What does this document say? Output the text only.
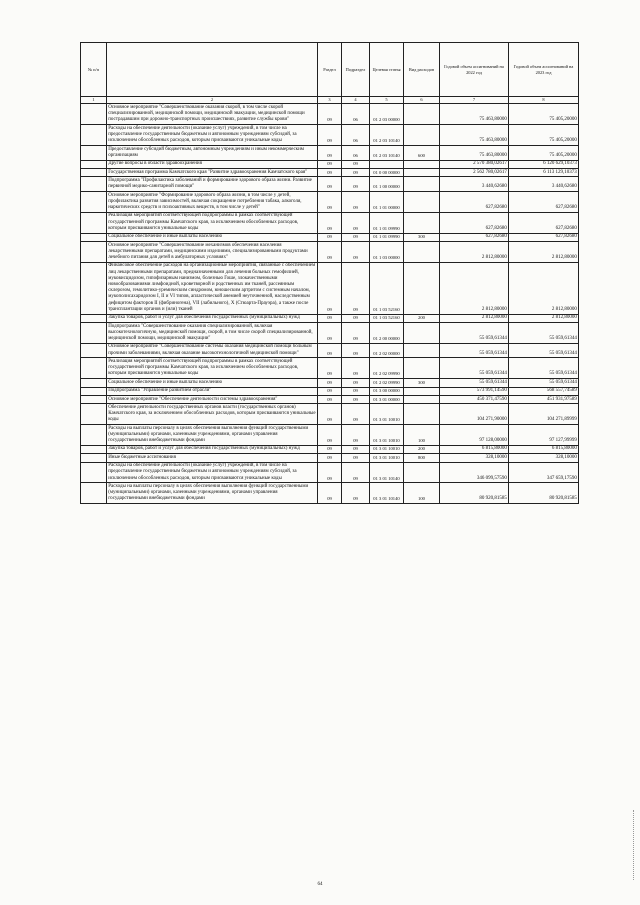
№ п/п		Раздел	Подраздел	Целевая статья	Вид расходов	Годовой объем ассигнований на 2022 год	Годовой объем ассигнований на 2023 год
1	2	3	4	5	6	7	8
	Основное мероприятие "Совершенствование оказания скорой, в том числе скорой специализированной, медицинской помощи, медицинской эвакуации, медицинской помощи пострадавшим при дорожно-транспортных происшествиях, развитие службы крови"	09	06	01 2 03 00000		75 463,80000	75 405,20000
	Расходы на обеспечение деятельности (оказание услуг) учреждений, в том числе на предоставление государственным бюджетным и автономным учреждениям субсидий, за исключением обособленных расходов, которым присваиваются уникальные коды	09	06	01 2 03 10140		75 463,80000	75 405,20000
	Предоставление субсидий бюджетным, автономным учреждениям и иным некоммерческим организациям	09	06	01 2 03 10140	600	75 463,80000	75 405,20000
	Другие вопросы в области здравоохранения	09	09			2 570 380,02617	6 120 629,10373
	Государственная программа Камчатского края "Развитие здравоохранения Камчатского края"	09	09	01 0 00 00000		2 562 780,02617	6 113 129,10373
	Подпрограмма "Профилактика заболеваний и формирование здорового образа жизни. Развитие первичной медико-санитарной помощи"	09	09	01 1 00 00000		3 440,62680	3 440,62680
	Основное мероприятие "Формирование здорового образа жизни, в том числе у детей, профилактика развития зависимостей, включая сокращение потребления табака, алкоголя, наркотических средств и психоактивных веществ, в том числе у детей"	09	09	01 1 01 00000		627,82680	627,82680
	Реализация мероприятий соответствующей подпрограммы в рамках соответствующей государственной программы Камчатского края, за исключением обособленных расходов, которым присваиваются уникальные коды	09	09	01 1 01 09990		627,82680	627,82680
	Социальное обеспечение и иные выплаты населению	09	09	01 1 01 09990	300	627,82680	627,82680
	Основное мероприятие "Совершенствование механизмов обеспечения населения лекарственными препаратами, медицинскими изделиями, специализированными продуктами лечебного питания для детей в амбулаторных условиях"	09	09	01 1 03 00000		2 812,80000	2 812,80000
	Финансовое обеспечение расходов на организационные мероприятия, связанные с обеспечением лиц лекарственными препаратами, предназначенными для лечения больных гемофилией, муковисцидозом, гипофизарным нанизмом, болезнью Гоше, злокачественными новообразованиями лимфоидной, кроветворной и родственных им тканей, рассеянным склерозом, гемолитико-уремическим синдромом, юношеским артритом с системным началом, мукополисахаридозом I, II и VI типов, апластической анемией неуточненной, наследственным дефицитом факторов II (фибриногена), VII (лабильного), X (Стюарта-Прауэра), а также после трансплантации органов и (или) тканей	09	09	01 1 03 52160		2 812,80000	2 812,80000
	Закупка товаров, работ и услуг для обеспечения государственных (муниципальных) нужд	09	09	01 1 03 52160	200	2 812,80000	2 812,80000
	Подпрограмма "Совершенствование оказания специализированной, включая высокотехнологичную, медицинской помощи, скорой, в том числе скорой специализированной, медицинской помощи, медицинской эвакуации"	09	09	01 2 00 00000		55 059,61344	55 059,61344
	Основное мероприятие "Совершенствование системы оказания медицинской помощи больным прочими заболеваниями, включая оказание высокотехнологичной медицинской помощи"	09	09	01 2 02 00000		55 059,61344	55 059,61344
	Реализация мероприятий соответствующей подпрограммы в рамках соответствующей государственной программы Камчатского края, за исключением обособленных расходов, которым присваиваются уникальные коды	09	09	01 2 02 09990		55 059,61344	55 059,61344
	Социальное обеспечение и иные выплаты населению	09	09	01 2 02 09990	300	55 059,61344	55 059,61344
	Подпрограмма "Управление развитием отрасли"	09	09	01 3 00 00000		573 991,14590	568 557,74589
	Основное мероприятие "Обеспечение деятельности системы здравоохранения"	09	09	01 3 01 00000		450 371,47590	451 931,97589
	Обеспечение деятельности государственных органов власти (государственных органов) Камчатского края, за исключением обособленных расходов, которым присваиваются уникальные коды	09	09	01 3 01 10010		104 271,90000	104 271,89999
	Расходы на выплаты персоналу в целях обеспечения выполнения функций государственными (муниципальными) органами, казенными учреждениями, органами управления государственными внебюджетными фондами	09	09	01 3 01 10010	100	97 128,00000	97 127,99999
	Закупка товаров, работ и услуг для обеспечения государственных (муниципальных) нужд	09	09	01 3 01 10010	200	6 815,80000	6 815,80000
	Иные бюджетные ассигнования	09	09	01 3 01 10010	800	328,10000	328,10000
	Расходы на обеспечение деятельности (оказание услуг) учреждений, в том числе на предоставление государственным бюджетным и автономным учреждениям субсидий, за исключением обособленных расходов, которым присваиваются уникальные коды	09	09	01 3 01 10140		346 099,57590	347 659,17590
	Расходы на выплаты персоналу в целях обеспечения выполнения функций государственными (муниципальными) органами, казенными учреждениями, органами управления государственными внебюджетными фондами	09	09	01 3 01 10140	100	80 920,81585	80 920,81585
64
